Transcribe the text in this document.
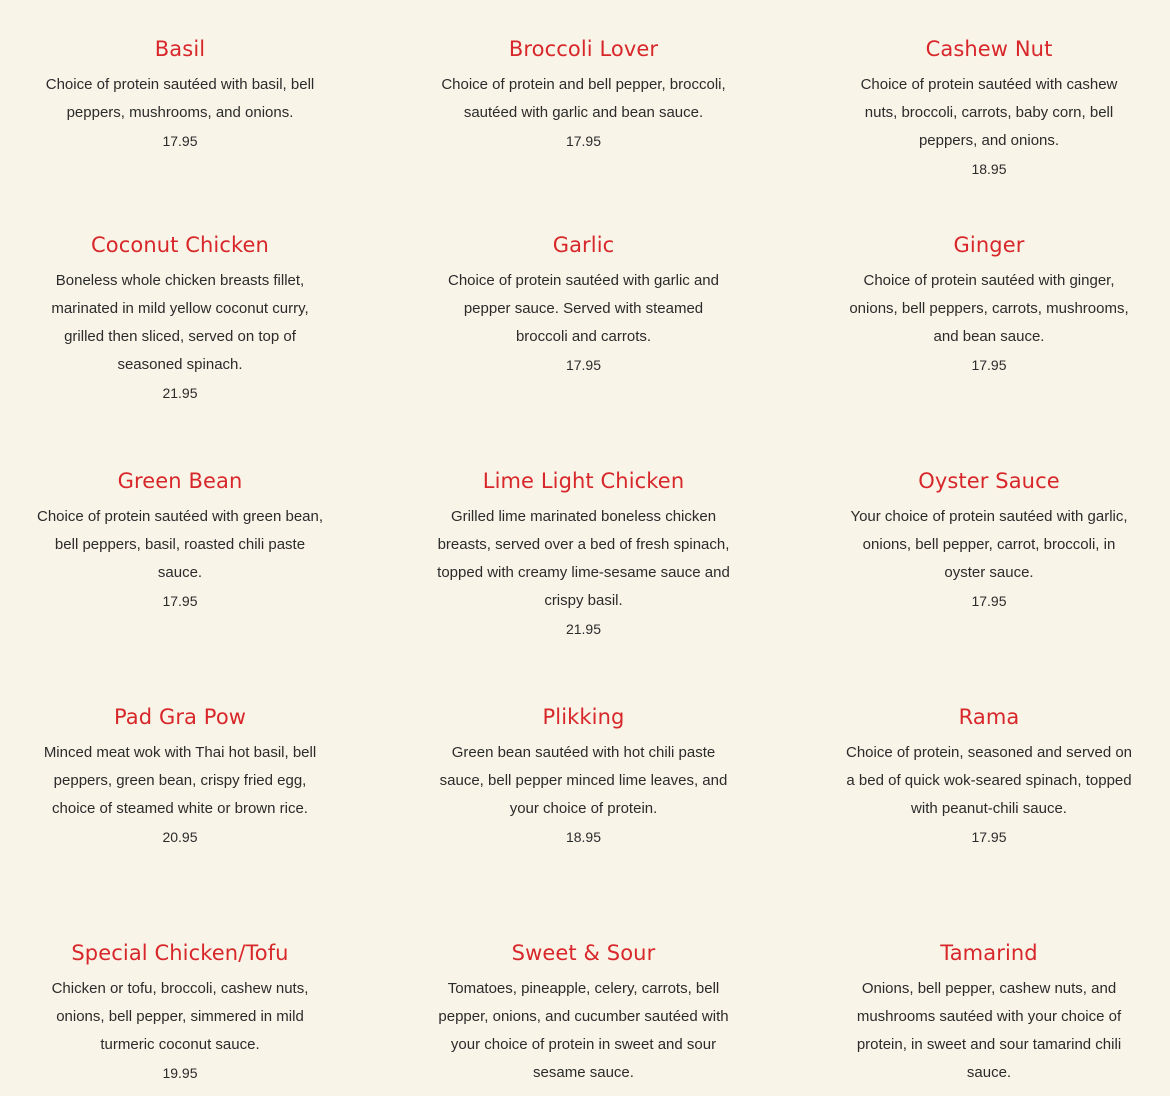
Basil

Choice of protein sautéed with basil, bell peppers, mushrooms, and onions.

17.95

Coconut Chicken

Boneless whole chicken breasts fillet, marinated in mild yellow coconut curry, grilled then sliced, served on top of seasoned spinach.

21.95

Green Bean

Choice of protein sautéed with green bean, bell peppers, basil, roasted chili paste sauce.

17.95

Pad Gra Pow

Minced meat wok with Thai hot basil, bell peppers, green bean, crispy fried egg, choice of steamed white or brown rice.

20.95

Special Chicken/Tofu

Chicken or tofu, broccoli, cashew nuts, onions, bell pepper, simmered in mild turmeric coconut sauce.

19.95

Broccoli Lover

Choice of protein and bell pepper, broccoli, sautéed with garlic and bean sauce.

17.95

Garlic

Choice of protein sautéed with garlic and pepper sauce. Served with steamed broccoli and carrots.

17.95

Lime Light Chicken

Grilled lime marinated boneless chicken breasts, served over a bed of fresh spinach, topped with creamy lime-sesame sauce and crispy basil.

21.95

Plikking

Green bean sautéed with hot chili paste sauce, bell pepper minced lime leaves, and your choice of protein.

18.95

Sweet & Sour

Tomatoes, pineapple, celery, carrots, bell pepper, onions, and cucumber sautéed with your choice of protein in sweet and sour sesame sauce.

Cashew Nut

Choice of protein sautéed with cashew nuts, broccoli, carrots, baby corn, bell peppers, and onions.

18.95

Ginger

Choice of protein sautéed with ginger, onions, bell peppers, carrots, mushrooms, and bean sauce.

17.95

Oyster Sauce

Your choice of protein sautéed with garlic, onions, bell pepper, carrot, broccoli, in oyster sauce.

17.95

Rama

Choice of protein, seasoned and served on a bed of quick wok-seared spinach, topped with peanut-chili sauce.

17.95

Tamarind

Onions, bell pepper, cashew nuts, and mushrooms sautéed with your choice of protein, in sweet and sour tamarind chili sauce.
